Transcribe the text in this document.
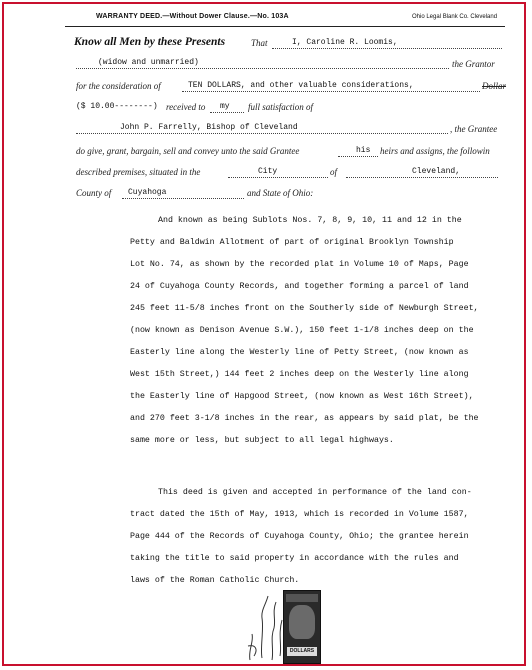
WARRANTY DEED.—Without Dower Clause.—No. 103A	Ohio Legal Blank Co. Cleveland
Know all Men by these Presents	That	I, Caroline R. Loomis,
(widow and unmarried)	the Grantor
for the consideration of	TEN DOLLARS, and other valuable considerations,	Dollar
($ 10.00--------) received to my full satisfaction of
John P. Farrelly, Bishop of Cleveland	, the Grantee
do give, grant, bargain, sell and convey unto the said Grantee	his heirs and assigns, the followin
described premises, situated in the	City	of	Cleveland,
County of Cuyahoga	and State of Ohio:
And known as being Sublots Nos. 7, 8, 9, 10, 11 and 12 in the
Petty and Baldwin Allotment of part of original Brooklyn Township
Lot No. 74, as shown by the recorded plat in Volume 10 of Maps, Page
24 of Cuyahoga County Records, and together forming a parcel of land
245 feet 11-5/8 inches front on the Southerly side of Newburgh Street,
(now known as Denison Avenue S.W.), 150 feet 1-1/8 inches deep on the
Easterly line along the Westerly line of Petty Street, (now known as
West 15th Street,) 144 feet 2 inches deep on the Westerly line along
the Easterly line of Hapgood Street, (now known as West 16th Street),
and 270 feet 3-1/8 inches in the rear, as appears by said plat, be the
same more or less, but subject to all legal highways.
This deed is given and accepted in performance of the land con-
tract dated the 15th of May, 1913, which is recorded in Volume 1587,
Page 444 of the Records of Cuyahoga County, Ohio; the grantee herein
taking the title to said property in accordance with the rules and
laws of the Roman Catholic Church.
DOLLARS
